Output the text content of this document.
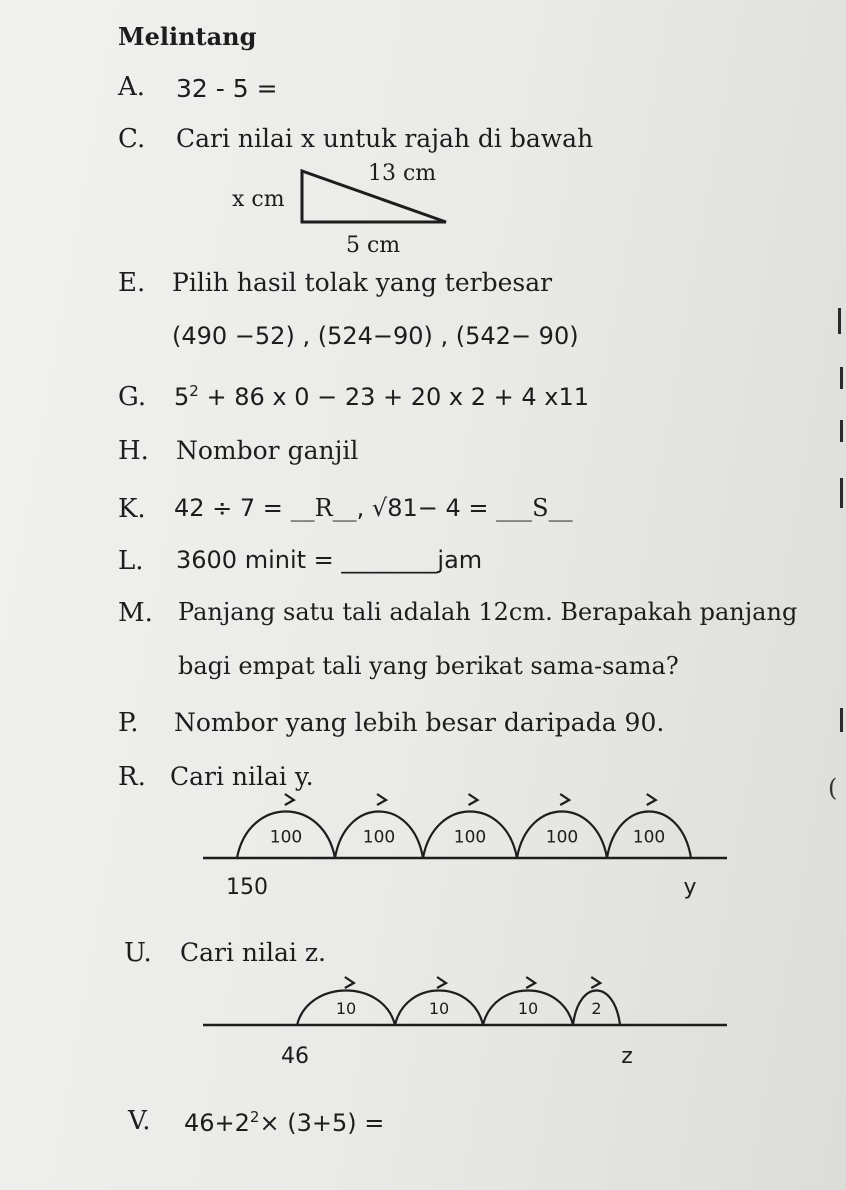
Melintang
A. 32 - 5 =
C. Cari nilai x untuk rajah di bawah
13 cm
x cm
5 cm
E. Pilih hasil tolak yang terbesar
(490 −52) , (524−90) , (542− 90)
G. $5^2 + 86$ x 0 − 23 + 20 x 2 + 4 x11
H. Nombor ganjil
K. 42 ÷ 7 = __R__, √81− 4 = ___S__
L. 3600 minit = ________jam
M. Panjang satu tali adalah 12cm. Berapakah panjang
bagi empat tali yang berikat sama-sama?
P. Nombor yang lebih besar daripada 90.
R. Cari nilai y.	(
100	100	100	100	100
150	y
U. Cari nilai z.
10	10	10	2
46	z
V. $46+2^2\times (3+5)$ =
